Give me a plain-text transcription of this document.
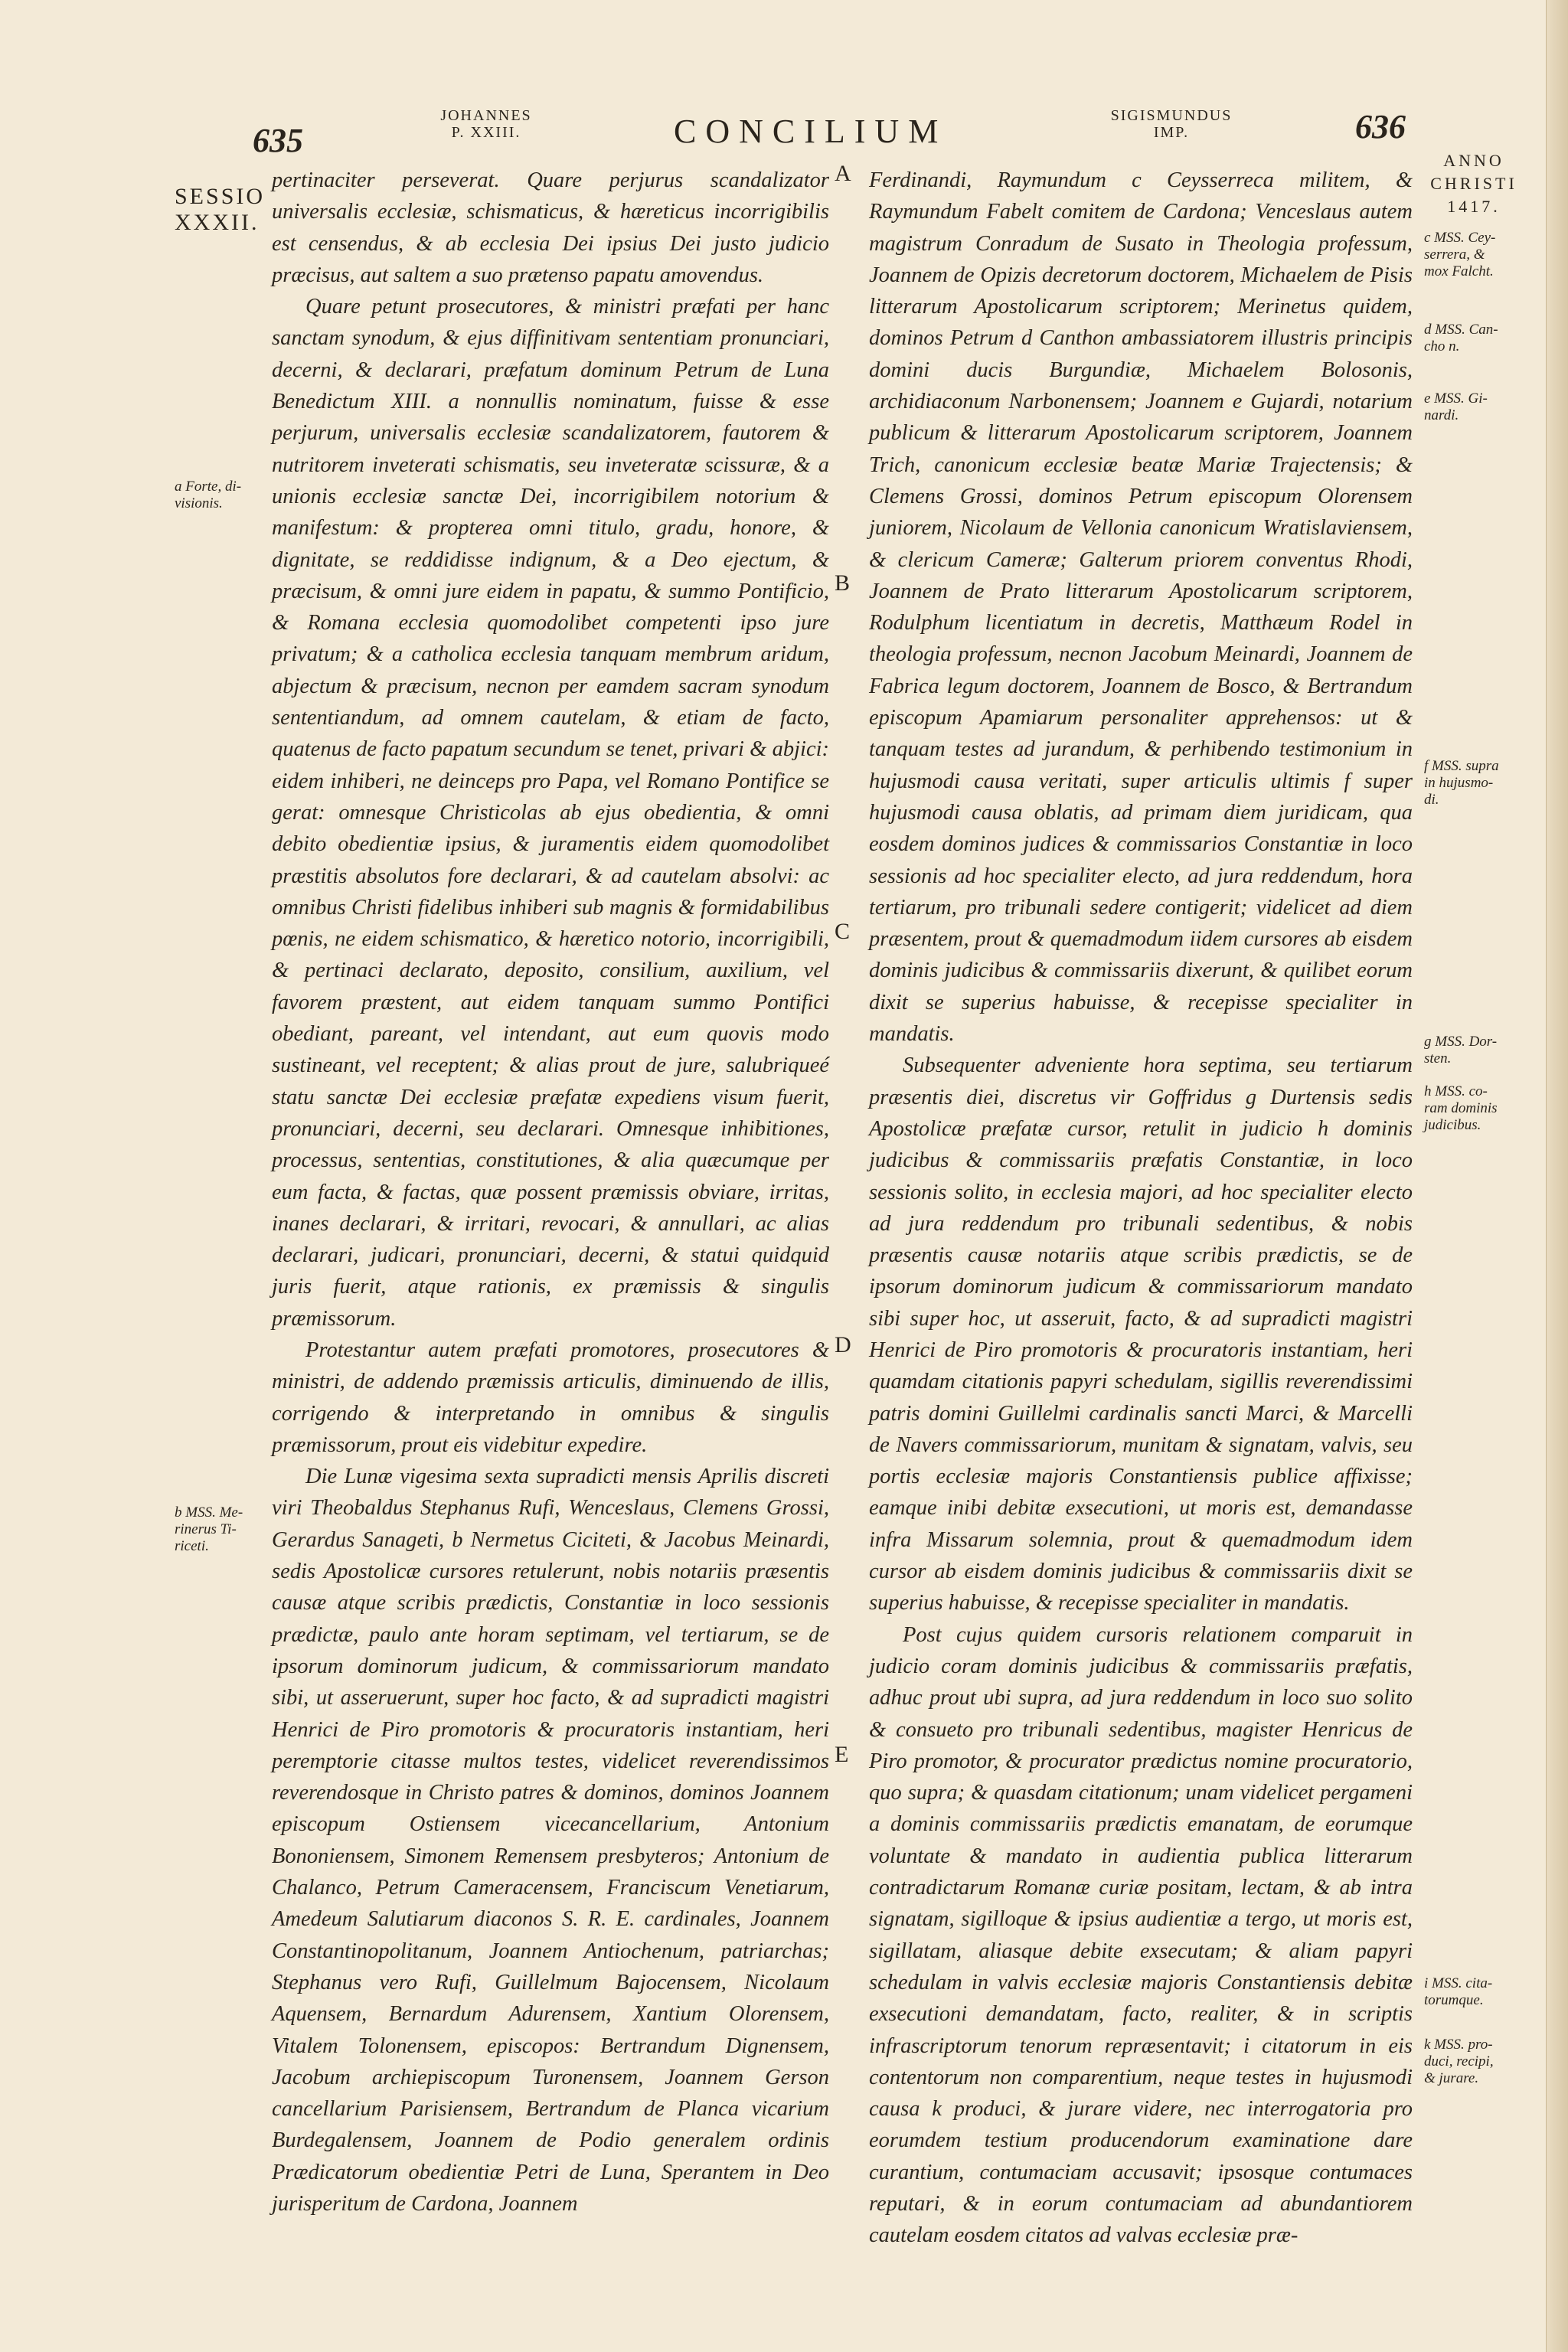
635
JOHANNES
P. XXIII.	CONCILIUM	SIGISMUNDUS
IMP.	636
SESSIO
XXXII.
ANNO
CHRISTI
1417.
A
B
C
D
E
a Forte, di-
visionis.
b MSS. Me-
rinerus Ti-
riceti.
c MSS. Cey-
serrera, &
mox Falcht.
d MSS. Can-
cho n.
e MSS. Gi-
nardi.
f MSS. supra
in hujusmo-
di.
g MSS. Dor-
sten.
h MSS. co-
ram dominis
judicibus.
i MSS. cita-
torumque.
k MSS. pro-
duci, recipi,
& jurare.

pertinaciter perseverat. Quare perjurus scandalizator universalis ecclesiæ, schismaticus, & hæreticus incorrigibilis est censendus, & ab ecclesia Dei ipsius Dei justo judicio præcisus, aut saltem a suo prætenso papatu amovendus.

Quare petunt prosecutores, & ministri præfati per hanc sanctam synodum, & ejus diffinitivam sententiam pronunciari, decerni, & declarari, præfatum dominum Petrum de Luna Benedictum XIII. a nonnullis nominatum, fuisse & esse perjurum, universalis ecclesiæ scandalizatorem, fautorem & nutritorem inveterati schismatis, seu inveteratæ scissuræ, & a unionis ecclesiæ sanctæ Dei, incorrigibilem notorium & manifestum: & propterea omni titulo, gradu, honore, & dignitate, se reddidisse indignum, & a Deo ejectum, & præcisum, & omni jure eidem in papatu, & summo Pontificio, & Romana ecclesia quomodolibet competenti ipso jure privatum; & a catholica ecclesia tanquam membrum aridum, abjectum & præcisum, necnon per eamdem sacram synodum sententiandum, ad omnem cautelam, & etiam de facto, quatenus de facto papatum secundum se tenet, privari & abjici: eidem inhiberi, ne deinceps pro Papa, vel Romano Pontifice se gerat: omnesque Christicolas ab ejus obedientia, & omni debito obedientiæ ipsius, & juramentis eidem quomodolibet præstitis absolutos fore declarari, & ad cautelam absolvi: ac omnibus Christi fidelibus inhiberi sub magnis & formidabilibus pœnis, ne eidem schismatico, & hæretico notorio, incorrigibili, & pertinaci declarato, deposito, consilium, auxilium, vel favorem præstent, aut eidem tanquam summo Pontifici obediant, pareant, vel intendant, aut eum quovis modo sustineant, vel receptent; & alias prout de jure, salubriqueé statu sanctæ Dei ecclesiæ præfatæ expediens visum fuerit, pronunciari, decerni, seu declarari. Omnesque inhibitiones, processus, sententias, constitutiones, & alia quæcumque per eum facta, & factas, quæ possent præmissis obviare, irritas, inanes declarari, & irritari, revocari, & annullari, ac alias declarari, judicari, pronunciari, decerni, & statui quidquid juris fuerit, atque rationis, ex præmissis & singulis præmissorum.

Protestantur autem præfati promotores, prosecutores & ministri, de addendo præmissis articulis, diminuendo de illis, corrigendo & interpretando in omnibus & singulis præmissorum, prout eis videbitur expedire.

Die Lunæ vigesima sexta supradicti mensis Aprilis discreti viri Theobaldus Stephanus Rufi, Wenceslaus, Clemens Grossi, Gerardus Sanageti, b Nermetus Ciciteti, & Jacobus Meinardi, sedis Apostolicæ cursores retulerunt, nobis notariis præsentis causæ atque scribis prædictis, Constantiæ in loco sessionis prædictæ, paulo ante horam septimam, vel tertiarum, se de ipsorum dominorum judicum, & commissariorum mandato sibi, ut asseruerunt, super hoc facto, & ad supradicti magistri Henrici de Piro promotoris & procuratoris instantiam, heri peremptorie citasse multos testes, videlicet reverendissimos reverendosque in Christo patres & dominos, dominos Joannem episcopum Ostiensem vicecancellarium, Antonium Bononiensem, Simonem Remensem presbyteros; Antonium de Chalanco, Petrum Cameracensem, Franciscum Venetiarum, Amedeum Salutiarum diaconos S. R. E. cardinales, Joannem Constantinopolitanum, Joannem Antiochenum, patriarchas; Stephanus vero Rufi, Guillelmum Bajocensem, Nicolaum Aquensem, Bernardum Adurensem, Xantium Olorensem, Vitalem Tolonensem, episcopos: Bertrandum Dignensem, Jacobum archiepiscopum Turonensem, Joannem Gerson cancellarium Parisiensem, Bertrandum de Planca vicarium Burdegalensem, Joannem de Podio generalem ordinis Prædicatorum obedientiæ Petri de Luna, Sperantem in Deo jurisperitum de Cardona, Joannem

Ferdinandi, Raymundum c Ceysserreca militem, & Raymundum Fabelt comitem de Cardona; Venceslaus autem magistrum Conradum de Susato in Theologia professum, Joannem de Opizis decretorum doctorem, Michaelem de Pisis litterarum Apostolicarum scriptorem; Merinetus quidem, dominos Petrum d Canthon ambassiatorem illustris principis domini ducis Burgundiæ, Michaelem Bolosonis, archidiaconum Narbonensem; Joannem e Gujardi, notarium publicum & litterarum Apostolicarum scriptorem, Joannem Trich, canonicum ecclesiæ beatæ Mariæ Trajectensis; & Clemens Grossi, dominos Petrum episcopum Olorensem juniorem, Nicolaum de Vellonia canonicum Wratislaviensem, & clericum Cameræ; Galterum priorem conventus Rhodi, Joannem de Prato litterarum Apostolicarum scriptorem, Rodulphum licentiatum in decretis, Matthæum Rodel in theologia professum, necnon Jacobum Meinardi, Joannem de Fabrica legum doctorem, Joannem de Bosco, & Bertrandum episcopum Apamiarum personaliter apprehensos: ut & tanquam testes ad jurandum, & perhibendo testimonium in hujusmodi causa veritati, super articulis ultimis f super hujusmodi causa oblatis, ad primam diem juridicam, qua eosdem dominos judices & commissarios Constantiæ in loco sessionis ad hoc specialiter electo, ad jura reddendum, hora tertiarum, pro tribunali sedere contigerit; videlicet ad diem præsentem, prout & quemadmodum iidem cursores ab eisdem dominis judicibus & commissariis dixerunt, & quilibet eorum dixit se superius habuisse, & recepisse specialiter in mandatis.

Subsequenter adveniente hora septima, seu tertiarum præsentis diei, discretus vir Goffridus g Durtensis sedis Apostolicæ præfatæ cursor, retulit in judicio h dominis judicibus & commissariis præfatis Constantiæ, in loco sessionis solito, in ecclesia majori, ad hoc specialiter electo ad jura reddendum pro tribunali sedentibus, & nobis præsentis causæ notariis atque scribis prædictis, se de ipsorum dominorum judicum & commissariorum mandato sibi super hoc, ut asseruit, facto, & ad supradicti magistri Henrici de Piro promotoris & procuratoris instantiam, heri quamdam citationis papyri schedulam, sigillis reverendissimi patris domini Guillelmi cardinalis sancti Marci, & Marcelli de Navers commissariorum, munitam & signatam, valvis, seu portis ecclesiæ majoris Constantiensis publice affixisse; eamque inibi debitæ exsecutioni, ut moris est, demandasse infra Missarum solemnia, prout & quemadmodum idem cursor ab eisdem dominis judicibus & commissariis dixit se superius habuisse, & recepisse specialiter in mandatis.

Post cujus quidem cursoris relationem comparuit in judicio coram dominis judicibus & commissariis præfatis, adhuc prout ubi supra, ad jura reddendum in loco suo solito & consueto pro tribunali sedentibus, magister Henricus de Piro promotor, & procurator prædictus nomine procuratorio, quo supra; & quasdam citationum; unam videlicet pergameni a dominis commissariis prædictis emanatam, de eorumque voluntate & mandato in audientia publica litterarum contradictarum Romanæ curiæ positam, lectam, & ab intra signatam, sigilloque & ipsius audientiæ a tergo, ut moris est, sigillatam, aliasque debite exsecutam; & aliam papyri schedulam in valvis ecclesiæ majoris Constantiensis debitæ exsecutioni demandatam, facto, realiter, & in scriptis infrascriptorum tenorum repræsentavit; i citatorum in eis contentorum non comparentium, neque testes in hujusmodi causa k produci, & jurare videre, nec interrogatoria pro eorumdem testium producendorum examinatione dare curantium, contumaciam accusavit; ipsosque contumaces reputari, & in eorum contumaciam ad abundantiorem cautelam eosdem citatos ad valvas ecclesiæ præ-
